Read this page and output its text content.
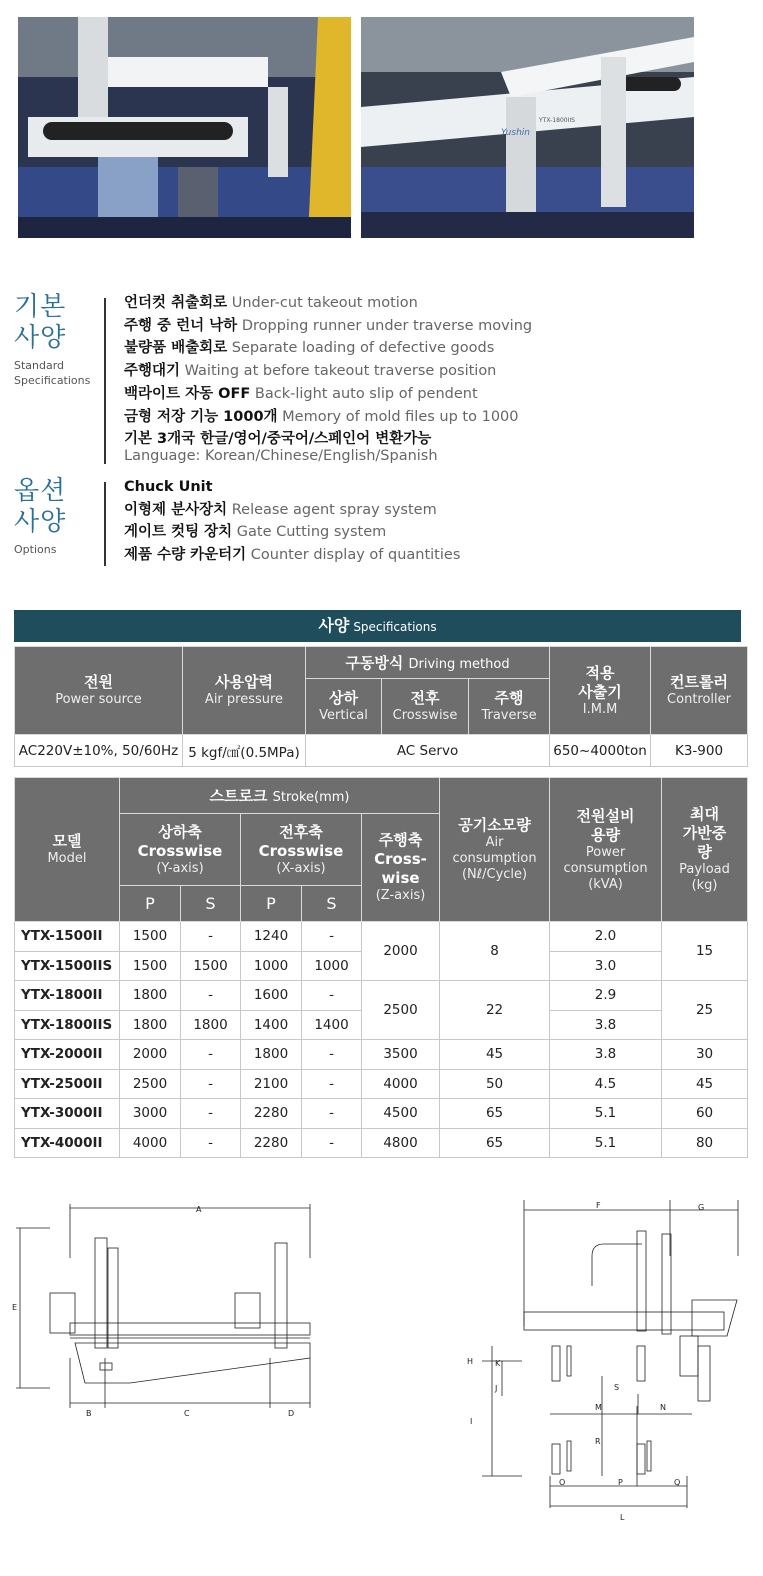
Yushin
YTX-1800IIS
기본
사양
Standard
Specifications
언더컷 취출회로 Under-cut takeout motion
주행 중 런너 낙하 Dropping runner under traverse moving
불량품 배출회로 Separate loading of defective goods
주행대기 Waiting at before takeout traverse position
백라이트 자동 OFF Back-light auto slip of pendent
금형 저장 기능 1000개 Memory of mold files up to 1000
기본 3개국 한글/영어/중국어/스페인어 변환가능
Language: Korean/Chinese/English/Spanish
옵션
사양
Options
Chuck Unit
이형제 분사장치 Release agent spray system
게이트 컷팅 장치 Gate Cutting system
제품 수량 카운터기 Counter display of quantities
사양 Specifications
전원
Power source	사용압력
Air pressure	구동방식 Driving method			적용
사출기
I.M.M	컨트롤러
Controller

		상하
Vertical	전후
Crosswise	주행
Traverse		

AC220V±10%, 50/60Hz	5 kgf/㎠(0.5MPa)	AC Servo			650~4000ton	K3-900
모델
Model	스트로크 Stroke(mm)					공기소모량
Air
consumption
(Nℓ/Cycle)	전원설비
용량
Power
consumption
(kVA)	최대
가반중
량
Payload
(kg)

	상하축
Crosswise
(Y-axis)		전후축
Crosswise
(X-axis)		주행축
Cross-
wise
(Z-axis)			

	P	S	P	S				

YTX-1500II	1500	-	1240	-	2000	8	2.0	15
YTX-1500IIS	1500	1500	1000	1000			3.0	
YTX-1800II	1800	-	1600	-	2500	22	2.9	25
YTX-1800IIS	1800	1800	1400	1400			3.8	
YTX-2000II	2000	-	1800	-	3500	45	3.8	30
YTX-2500II	2500	-	2100	-	4000	50	4.5	45
YTX-3000II	3000	-	2280	-	4500	65	5.1	60
YTX-4000II	4000	-	2280	-	4800	65	5.1	80
A
E
B	C	D
F	G
H
I
J
K
L
M	N
O	P	Q
R
S
